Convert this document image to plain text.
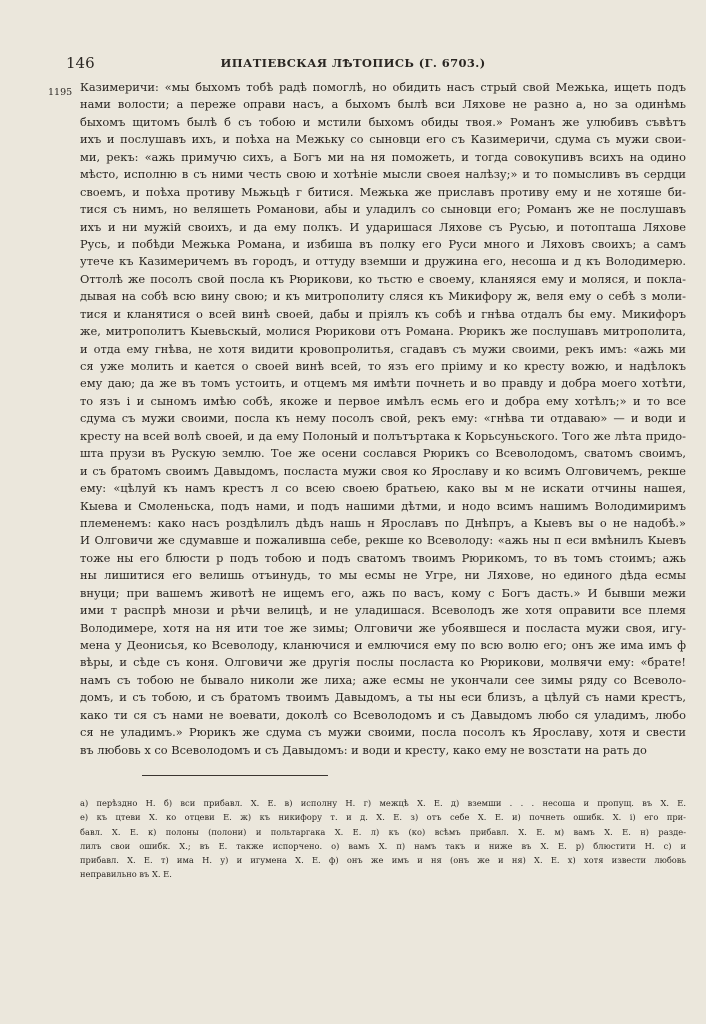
146	ИПАТІЕВСКАЯ ЛѢТОПИСЬ (Г. 6703.)
1195 Казимеричи: «мы быхомъ тобѣ радѣ помоглѣ, но обидить насъ стрый свой Межька, ищеть подъ
нами волости; а переже оправи насъ, а быхомъ былѣ вси Ляхове не разно а, но за одинѣмь
быхомъ щитомъ былѣ б съ тобою и мстили быхомъ обиды твоя.» Романъ же улюбивъ съвѣтъ
ихъ и послушавъ ихъ, и поѣха на Межьку со сыновци его съ Казимеричи, сдума съ мужи свои-
ми, рекъ: «ажь примучю сихъ, а Богъ ми на ня поможеть, и тогда совокупивъ всихъ на одино
мѣсто, исполню в съ ними честь свою и хотѣніе мысли своея налѣзу;» и то помысливъ въ сердци
своемъ, и поѣха противу Мьжьцѣ г битися. Межька же приславъ противу ему и не хотяше би-
тися съ нимъ, но веляшеть Романови, абы и уладилъ со сыновци его; Романъ же не послушавъ
ихъ и ни мужій своихъ, и да ему полкъ. И ударишася Ляхове съ Русью, и потопташа Ляхове
Русь, и побѣди Межька Романа, и избиша въ полку его Руси много и Ляховъ своихъ; а самъ
утече къ Казимеричемъ въ городъ, и оттуду вземши и дружина его, несоша и д къ Володимерю.
Оттолѣ же посолъ свой посла къ Рюрикови, ко тьстю е своему, кланяяся ему и моляся, и покла-
дывая на собѣ всю вину свою; и къ митрополиту сляся къ Микифору ж, веля ему о себѣ з моли-
тися и кланятися о всей винѣ своей, дабы и прiялъ къ собѣ и гнѣва отдалъ бы ему. Микифоръ
же, митрополитъ Кыевьскый, молися Рюрикови отъ Романа. Рюрикъ же послушавъ митрополита,
и отда ему гнѣва, не хотя видити кровопролитья, сгадавъ съ мужи своими, рекъ имъ: «ажь ми
ся уже молить и кается о своей винѣ всей, то язъ его прiиму и ко кресту вожю, и надѣлокъ
ему даю; да же въ томъ устоить, и отцемъ мя имѣти почнеть и во правду и добра моего хотѣти,
то язъ і и сыномъ имѣю собѣ, якоже и первое имѣлъ есмь его и добра ему хотѣлъ;» и то все
сдума съ мужи своими, посла къ нему посолъ свой, рекъ ему: «гнѣва ти отдаваю» — и води и
кресту на всей волѣ своей, и да ему Полоный и полътъртака к Корьсуньского. Того же лѣта придо-
шта прузи въ Рускую землю. Тое же осени сослався Рюрикъ со Всеволодомъ, сватомъ своимъ,
и съ братомъ своимъ Давыдомъ, посласта мужи своя ко Ярославу и ко всимъ Олговичемъ, рекше
ему: «цѣлуй къ намъ крестъ л со всею своею братьею, како вы м не искати отчины нашея,
Кыева и Смоленьска, подъ нами, и подъ нашими дѣтми, и нодо всимъ нашимъ Володимиримъ
племенемъ: како насъ роздѣлилъ дѣдъ нашь н Ярославъ по Днѣпръ, а Кыевъ вы о не надобѣ.»
И Олговичи же сдумавше и пожаливша себе, рекше ко Всеволоду: «ажь ны п еси вмѣнилъ Кыевъ
тоже ны его блюсти р подъ тобою и подъ сватомъ твоимъ Рюрикомъ, то въ томъ стоимъ; ажь
ны лишитися его велишь отъинудь, то мы есмы не Угре, ни Ляхове, но единого дѣда есмы
внуци; при вашемъ животѣ не ищемъ его, ажь по васъ, кому с Богъ дасть.» И бывши межи
ими т распрѣ мнози и рѣчи велицѣ, и не уладишася. Всеволодъ же хотя оправити все племя
Володимере, хотя на ня ити тое же зимы; Олговичи же убоявшеся и посласта мужи своя, игу-
мена у Деонисья, ко Всеволоду, кланючися и емлючися ему по всю волю его; онъ же има имъ ф
вѣры, и сѣде съ коня. Олговичи же другія послы посласта ко Рюрикови, молвячи ему: «брате!
намъ съ тобою не бывало николи же лиха; аже есмы не укончали сее зимы ряду со Всеволо-
домъ, и съ тобою, и съ братомъ твоимъ Давыдомъ, а ты ны еси близъ, а цѣлуй съ нами крестъ,
како ти ся съ нами не воевати, доколѣ со Всеволодомъ и съ Давыдомъ любо ся уладимъ, любо
ся не уладимъ.» Рюрикъ же сдума съ мужи своими, посла посолъ къ Ярославу, хотя и свести
въ любовь х со Всеволодомъ и съ Давыдомъ: и води и кресту, како ему не возстати на рать до
а) перѣздно Н. б) вси прибавл. Х. Е. в) исполну Н. г) межцѣ Х. Е. д) вземши . . . несоша и пропущ. въ Х. Е.
е) къ цтеви Х. ко отцеви Е. ж) къ никифору т. и д. Х. Е. з) отъ себе Х. Е. и) почнеть ошибк. Х. і) его при-
бавл. Х. Е. к) полоны (полони) и польтаргака Х. Е. л) къ (ко) всѣмъ прибавл. Х. Е. м) вамъ Х. Е. н) разде-
лилъ свои ошибк. Х.; въ Е. также испорчено. о) вамъ Х. п) намъ такъ и ниже въ Х. Е. р) блюстити Н. с) и
прибавл. Х. Е. т) има Н. у) и игумена Х. Е. ф) онъ же имъ и ня (онъ же и ня) Х. Е. х) хотя извести любовь
неправильно въ Х. Е.
